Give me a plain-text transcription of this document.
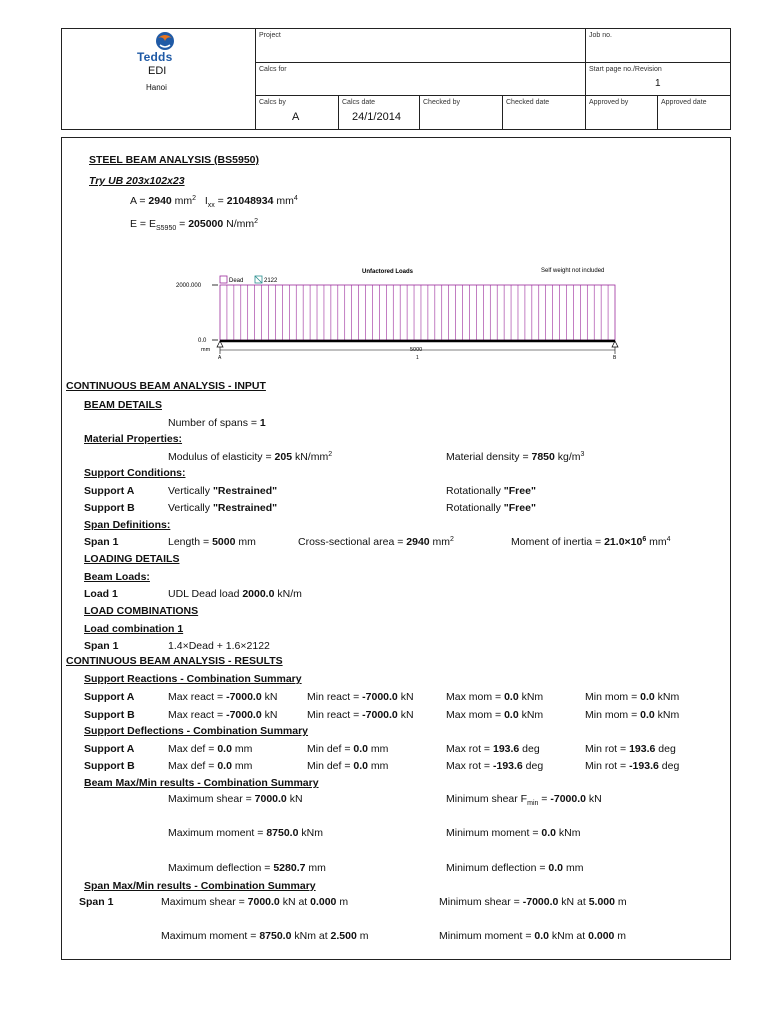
Tedds
EDI
Hanoi
Project	Job no.
Calcs for	Start page no./Revision
1
Calcs by	Calcs date	Checked by	Checked date	Approved by	Approved date
A	24/1/2014
STEEL BEAM ANALYSIS (BS5950)
Try UB 203x102x23
A = 2940 $mm^2$ $I_{xx} = 21048934$ $mm^4$
$E = E_{S5950} = 205000$ $N/mm^2$
Unfactored Loads	Self weight not included
Dead	2122
2000.000
0.0
mm	5000
1
A	B
CONTINUOUS BEAM ANALYSIS - INPUT
BEAM DETAILS
Number of spans = 1
Material Properties:
Modulus of elasticity = 205 $kN/mm^2$	Material density = 7850 $kg/m^3$
Support Conditions:
Support A	Vertically "Restrained"	Rotationally "Free"
Support B	Vertically "Restrained"	Rotationally "Free"
Span Definitions:
Span 1	Length = 5000 mm	Cross-sectional area = 2940 $mm^2$	Moment of inertia = $21.0\times 10^6$ $mm^4$
LOADING DETAILS
Beam Loads:
Load 1	UDL Dead load 2000.0 kN/m
LOAD COMBINATIONS
Load combination 1
Span 1	1.4×Dead + 1.6×2122
CONTINUOUS BEAM ANALYSIS - RESULTS
Support Reactions - Combination Summary
Support A	Max react = -7000.0 kN	Min react = -7000.0 kN	Max mom = 0.0 kNm	Min mom = 0.0 kNm
Support B	Max react = -7000.0 kN	Min react = -7000.0 kN	Max mom = 0.0 kNm	Min mom = 0.0 kNm
Support Deflections - Combination Summary
Support A	Max def = 0.0 mm	Min def = 0.0 mm	Max rot = 193.6 deg	Min rot = 193.6 deg
Support B	Max def = 0.0 mm	Min def = 0.0 mm	Max rot = -193.6 deg	Min rot = -193.6 deg
Beam Max/Min results - Combination Summary
Maximum shear = 7000.0 kN	Minimum shear $F_{min} = -7000.0$ kN
Maximum moment = 8750.0 kNm	Minimum moment = 0.0 kNm
Maximum deflection = 5280.7 mm	Minimum deflection = 0.0 mm
Span Max/Min results - Combination Summary
Span 1	Maximum shear = 7000.0 kN at 0.000 m	Minimum shear = -7000.0 kN at 5.000 m
Maximum moment = 8750.0 kNm at 2.500 m	Minimum moment = 0.0 kNm at 0.000 m
